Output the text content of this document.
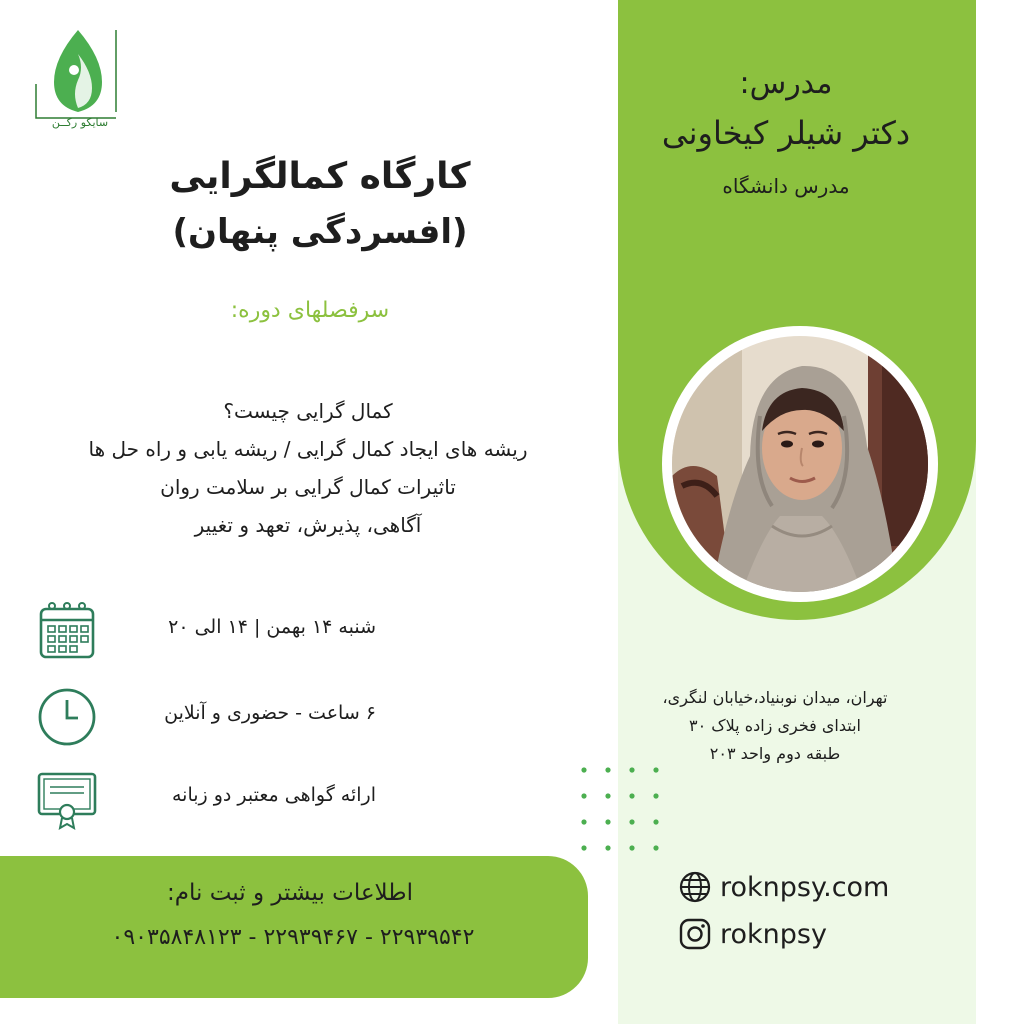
مدرس:
دکتر شیلر کیخاونی
مدرس دانشگاه
تهران، میدان نوبنیاد،خیابان لنگری،
ابتدای فخری زاده پلاک ۳۰
طبقه دوم واحد ۲۰۳
roknpsy.com
roknpsy
سایکو رکــن
کارگاه کمالگرایی
(افسردگی پنهان)
سرفصلهای دوره:
کمال گرایی چیست؟
ریشه های ایجاد کمال گرایی / ریشه یابی و راه حل ها
تاثیرات کمال گرایی بر سلامت روان
آگاهی، پذیرش، تعهد و تغییر
شنبه ۱۴ بهمن | ۱۴ الی ۲۰
۶ ساعت - حضوری و آنلاین
ارائه گواهی معتبر دو زبانه
اطلاعات بیشتر و ثبت نام:
۰۹۰۳۵۸۴۸۱۲۳ - ۲۲۹۳۹۴۶۷ - ۲۲۹۳۹۵۴۲
